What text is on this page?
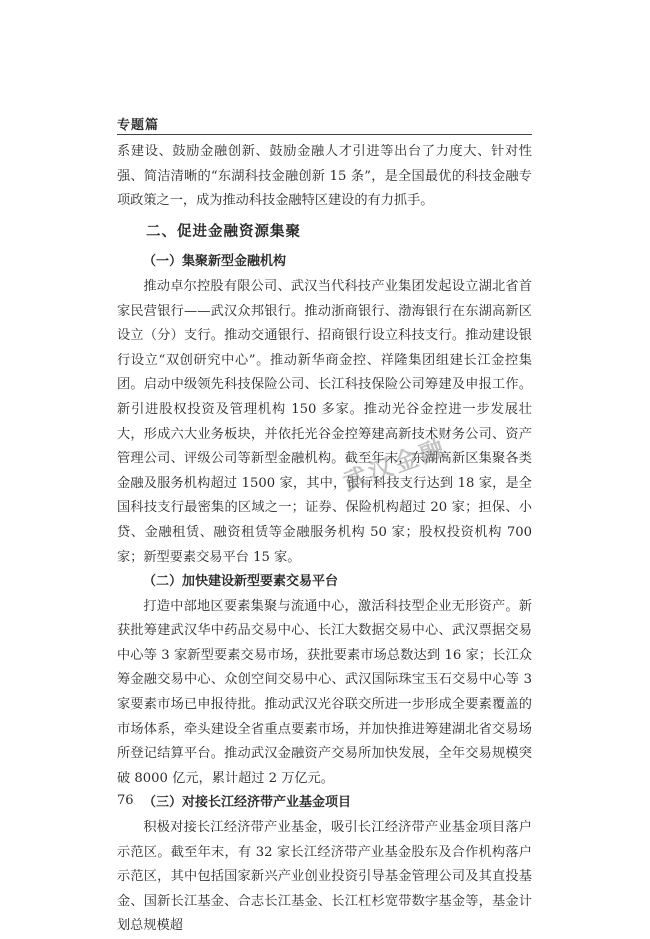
专题篇

系建设、鼓励金融创新、鼓励金融人才引进等出台了力度大、针对性强、简洁清晰的“东湖科技金融创新 15 条”，是全国最优的科技金融专项政策之一，成为推动科技金融特区建设的有力抓手。

二、促进金融资源集聚

（一）集聚新型金融机构

推动卓尔控股有限公司、武汉当代科技产业集团发起设立湖北省首家民营银行——武汉众邦银行。推动浙商银行、渤海银行在东湖高新区设立（分）支行。推动交通银行、招商银行设立科技支行。推动建设银行设立“双创研究中心”。推动新华商金控、祥隆集团组建长江金控集团。启动中级领先科技保险公司、长江科技保险公司筹建及申报工作。新引进股权投资及管理机构 150 多家。推动光谷金控进一步发展壮大，形成六大业务板块，并依托光谷金控筹建高新技术财务公司、资产管理公司、评级公司等新型金融机构。截至年末，东湖高新区集聚各类金融及服务机构超过 1500 家，其中，银行科技支行达到 18 家，是全国科技支行最密集的区域之一；证券、保险机构超过 20 家；担保、小贷、金融租赁、融资租赁等金融服务机构 50 家；股权投资机构 700 家；新型要素交易平台 15 家。

（二）加快建设新型要素交易平台

打造中部地区要素集聚与流通中心，激活科技型企业无形资产。新获批筹建武汉华中药品交易中心、长江大数据交易中心、武汉票据交易中心等 3 家新型要素交易市场，获批要素市场总数达到 16 家；长江众筹金融交易中心、众创空间交易中心、武汉国际珠宝玉石交易中心等 3 家要素市场已申报待批。推动武汉光谷联交所进一步形成全要素覆盖的市场体系，牵头建设全省重点要素市场，并加快推进筹建湖北省交易场所登记结算平台。推动武汉金融资产交易所加快发展，全年交易规模突破 8000 亿元，累计超过 2 万亿元。

（三）对接长江经济带产业基金项目

积极对接长江经济带产业基金，吸引长江经济带产业基金项目落户示范区。截至年末，有 32 家长江经济带产业基金股东及合作机构落户示范区，其中包括国家新兴产业创业投资引导基金管理公司及其直投基金、国新长江基金、合志长江基金、长江杠杉宽带数字基金等，基金计划总规模超

武汉金融
76
